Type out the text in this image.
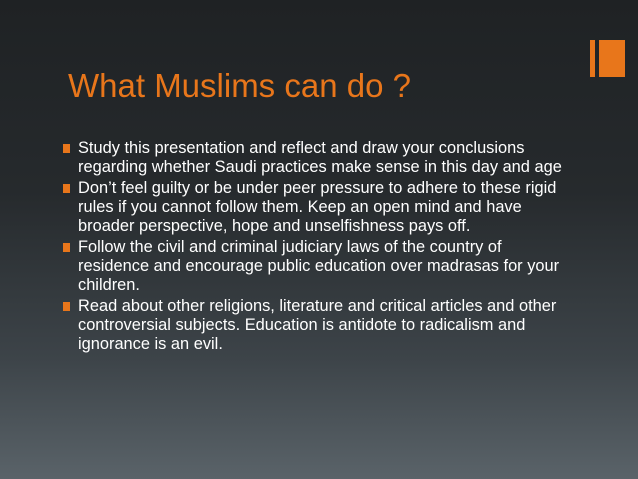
What Muslims can do ?
Study this presentation and reflect and draw your conclusions regarding whether Saudi practices make sense in this day and age
Don’t feel guilty or be under peer pressure to adhere to these rigid rules if you cannot follow them. Keep an open mind and have broader perspective, hope and unselfishness pays off.
Follow the civil and criminal judiciary laws of the country of residence and encourage public education over madrasas for your children.
Read about other religions, literature and critical articles and other controversial subjects. Education is antidote to radicalism and ignorance is an evil.
